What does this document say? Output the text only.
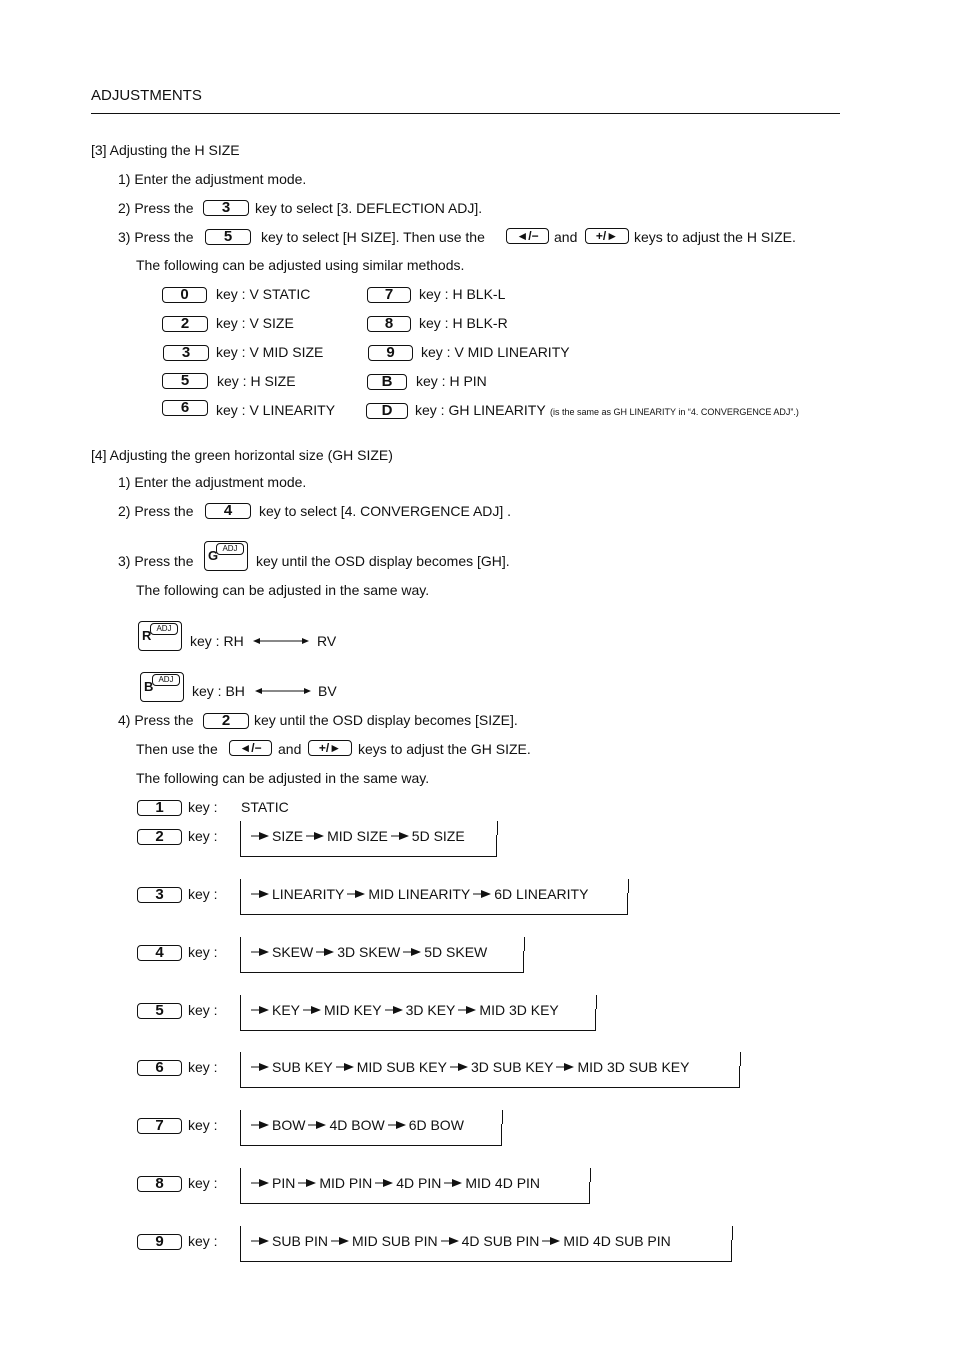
ADJUSTMENTS
[3] Adjusting the H SIZE
1) Enter the adjustment mode.
2) Press the	3	key to select [3. DEFLECTION ADJ].
3) Press the	5	key to select [H SIZE]. Then use the	◄/−	and	+/►	keys to adjust the H SIZE.
The following can be adjusted using similar methods.
0	key : V STATIC
2	key : V SIZE
3	key : V MID SIZE
5	key : H SIZE
6	key : V LINEARITY
7	key : H BLK-L
8	key : H BLK-R
9	key : V MID LINEARITY
B	key : H PIN
D	key : GH LINEARITY (is the same as GH LINEARITY in “4. CONVERGENCE ADJ”.)
[4] Adjusting the green horizontal size (GH SIZE)
1) Enter the adjustment mode.
2) Press the	4	key to select [4. CONVERGENCE ADJ] .
3) Press the G ADJ
key until the OSD display becomes [GH].
The following can be adjusted in the same way.
R ADJ
key : RH	RV
B ADJ
key : BH	BV
4) Press the	2	key until the OSD display becomes [SIZE].
Then use the	◄/−	and	+/►	keys to adjust the GH SIZE.
The following can be adjusted in the same way.
1	key : STATIC
2	key :	SIZE MID SIZE 5D SIZE
3	key :	LINEARITY MID LINEARITY 6D LINEARITY
4	key :	SKEW 3D SKEW 5D SKEW
5	key :	KEY MID KEY 3D KEY MID 3D KEY
6	key :	SUB KEY MID SUB KEY 3D SUB KEY MID 3D SUB KEY
7	key :	BOW 4D BOW 6D BOW
8	key :	PIN MID PIN 4D PIN MID 4D PIN
9	key :	SUB PIN MID SUB PIN 4D SUB PIN MID 4D SUB PIN
